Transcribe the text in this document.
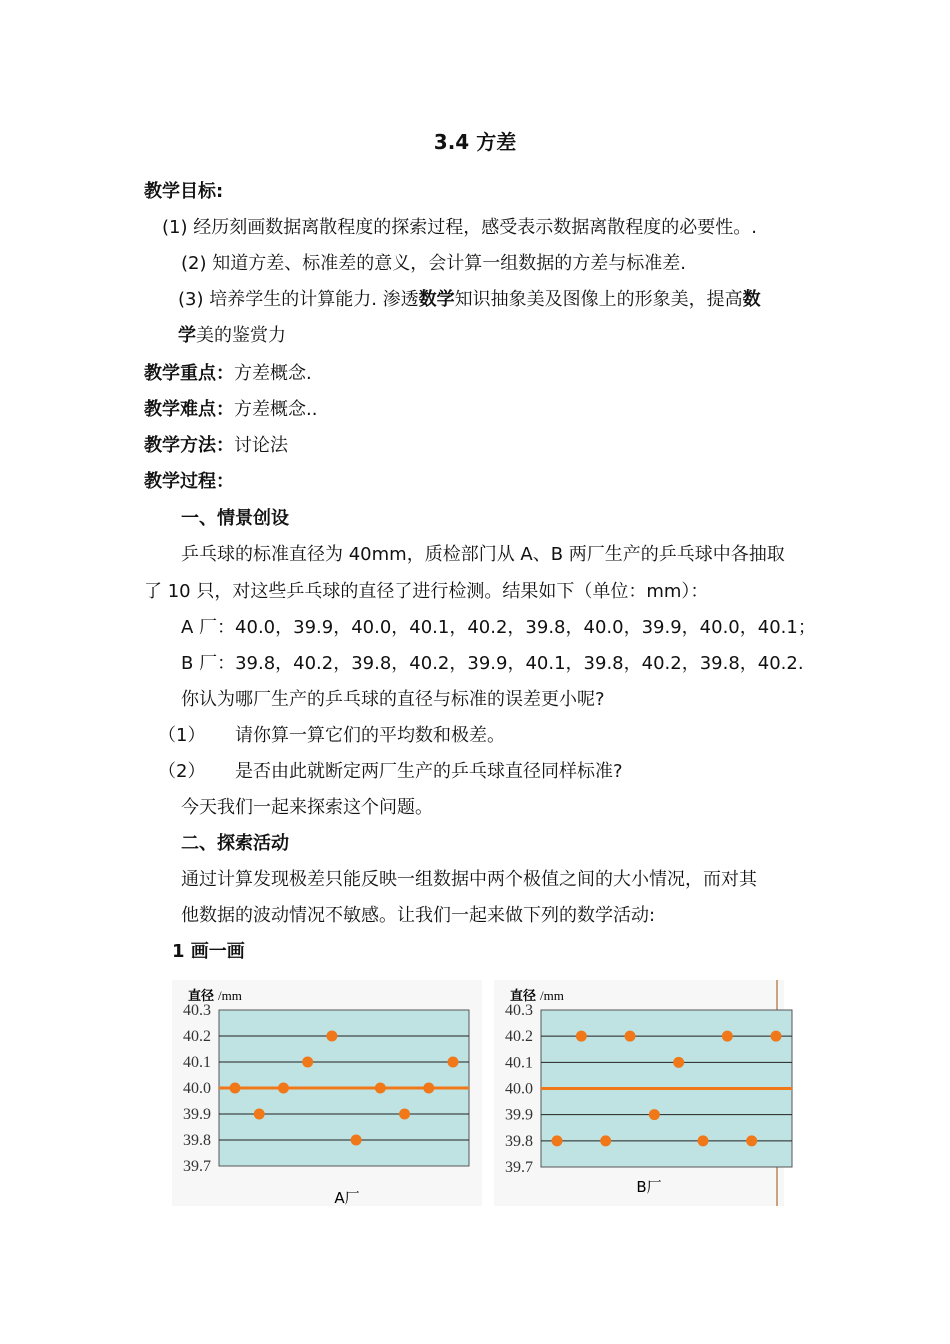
3.4 方差
教学目标:
(1) 经历刻画数据离散程度的探索过程，感受表示数据离散程度的必要性。.
(2) 知道方差、标准差的意义，会计算一组数据的方差与标准差.
(3) 培养学生的计算能力. 渗透数学知识抽象美及图像上的形象美，提高数
学美的鉴赏力
教学重点：方差概念.
教学难点：方差概念..
教学方法：讨论法
教学过程：
一、情景创设
乒乓球的标准直径为 40mm，质检部门从 A、B 两厂生产的乒乓球中各抽取
了 10 只，对这些乒乓球的直径了进行检测。结果如下（单位：mm）：
A 厂：40.0，39.9，40.0，40.1，40.2，39.8，40.0，39.9，40.0，40.1；
B 厂：39.8，40.2，39.8，40.2，39.9，40.1，39.8，40.2，39.8，40.2.
你认为哪厂生产的乒乓球的直径与标准的误差更小呢?
（1） 请你算一算它们的平均数和极差。
（2） 是否由此就断定两厂生产的乒乓球直径同样标准?
今天我们一起来探索这个问题。
二、探索活动
通过计算发现极差只能反映一组数据中两个极值之间的大小情况，而对其
他数据的波动情况不敏感。让我们一起来做下列的数学活动:
1 画一画
直径 /mm
40.3
40.2
40.1
40.0
39.9
39.8
39.7
A厂
直径 /mm
40.3
40.2
40.1
40.0
39.9
39.8
39.7
B厂
